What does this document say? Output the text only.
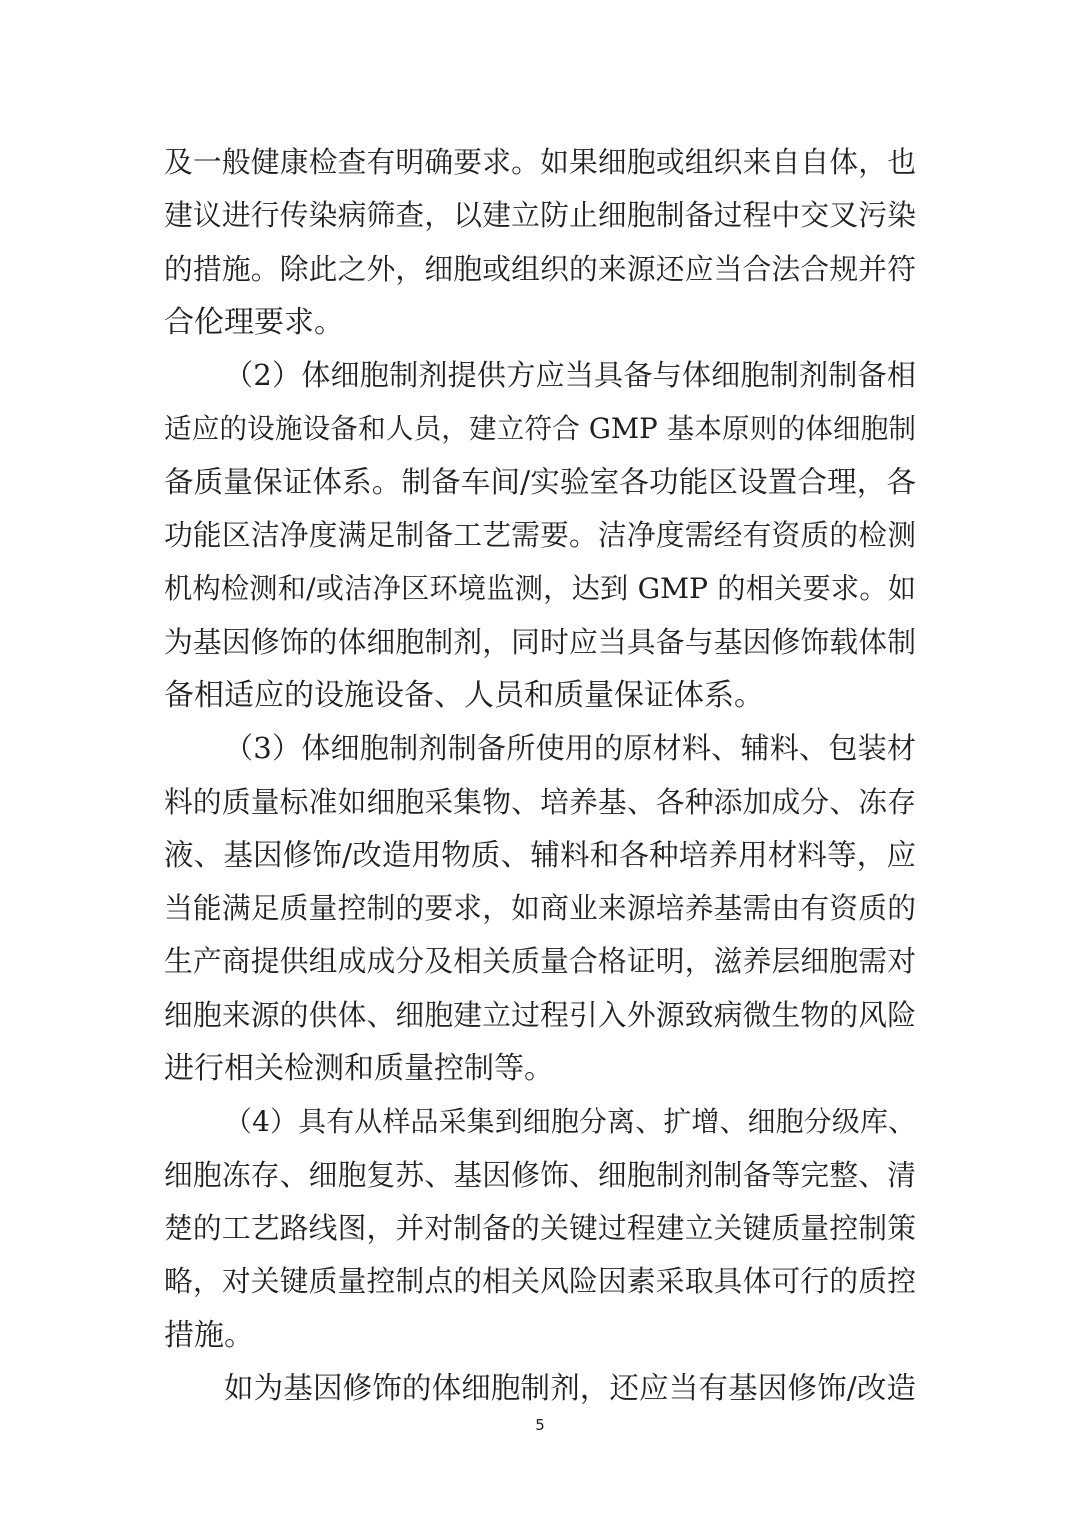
及一般健康检查有明确要求。如果细胞或组织来自自体，也
建议进行传染病筛查，以建立防止细胞制备过程中交叉污染
的措施。除此之外，细胞或组织的来源还应当合法合规并符
合伦理要求。
（2）体细胞制剂提供方应当具备与体细胞制剂制备相
适应的设施设备和人员，建立符合 GMP 基本原则的体细胞制
备质量保证体系。制备车间/实验室各功能区设置合理，各
功能区洁净度满足制备工艺需要。洁净度需经有资质的检测
机构检测和/或洁净区环境监测，达到 GMP 的相关要求。如
为基因修饰的体细胞制剂，同时应当具备与基因修饰载体制
备相适应的设施设备、人员和质量保证体系。
（3）体细胞制剂制备所使用的原材料、辅料、包装材
料的质量标准如细胞采集物、培养基、各种添加成分、冻存
液、基因修饰/改造用物质、辅料和各种培养用材料等，应
当能满足质量控制的要求，如商业来源培养基需由有资质的
生产商提供组成成分及相关质量合格证明，滋养层细胞需对
细胞来源的供体、细胞建立过程引入外源致病微生物的风险
进行相关检测和质量控制等。
（4）具有从样品采集到细胞分离、扩增、细胞分级库、
细胞冻存、细胞复苏、基因修饰、细胞制剂制备等完整、清
楚的工艺路线图，并对制备的关键过程建立关键质量控制策
略，对关键质量控制点的相关风险因素采取具体可行的质控
措施。
如为基因修饰的体细胞制剂，还应当有基因修饰/改造
5
